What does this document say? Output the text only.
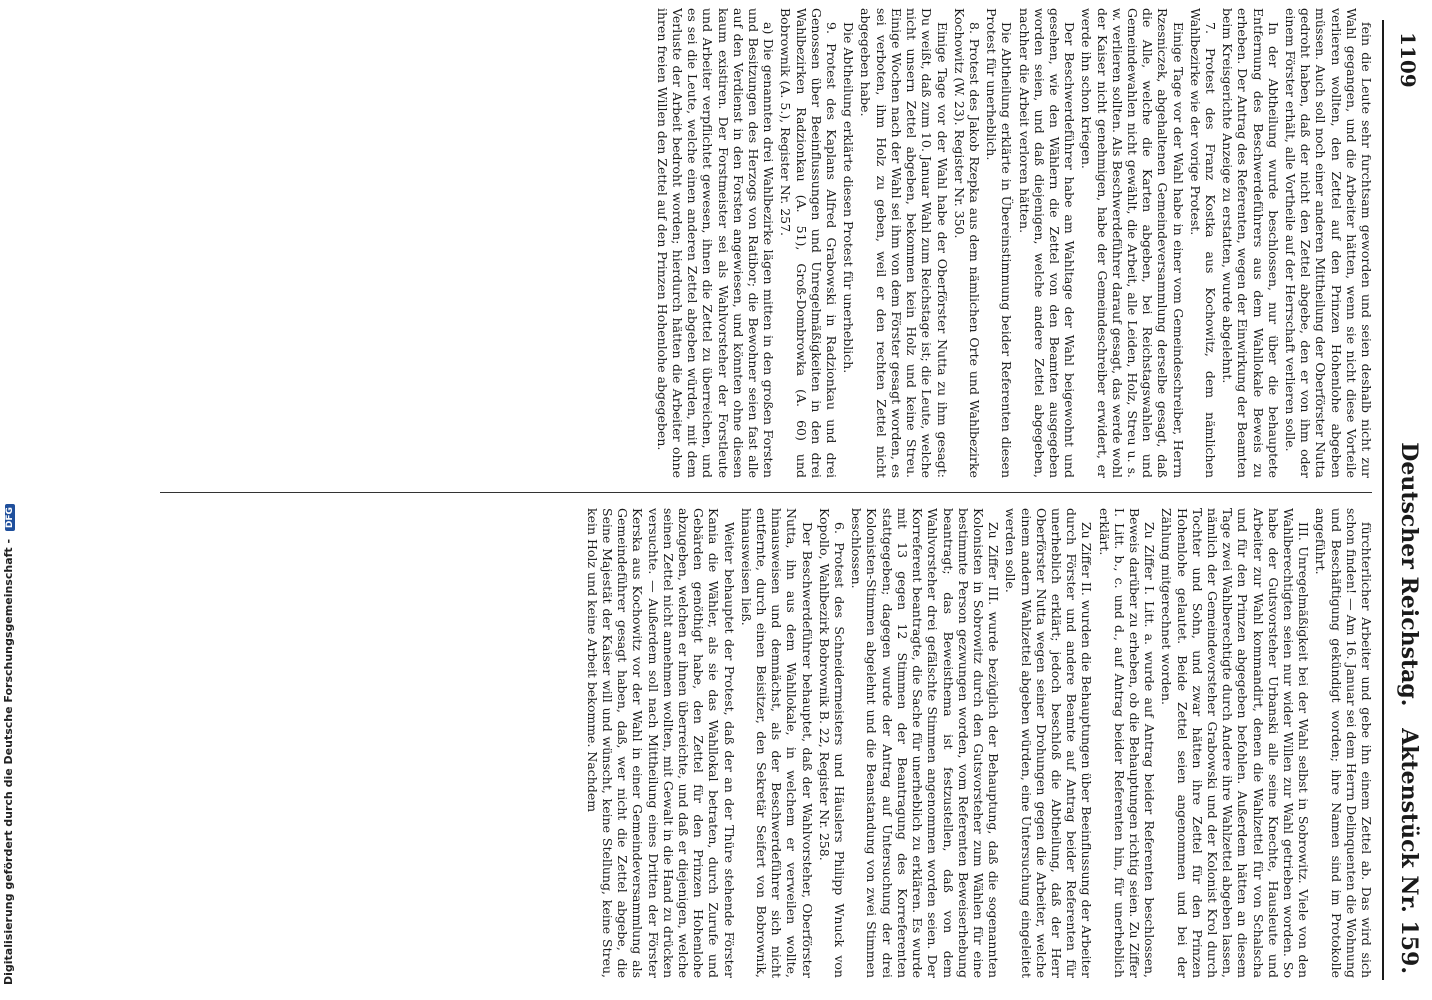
1109
Deutscher Reichstag. Aktenstück Nr. 159.

fein die Leute sehr furchtsam geworden und seien deshalb nicht zur Wahl gegangen, und die Arbeiter hätten, wenn sie nicht diese Vorteile verlieren wollten, den Zettel auf den Prinzen Hohenlohe abgeben müssen. Auch soll noch einer anderen Mittheilung der Oberförster Nutta gedroht haben, daß der nicht den Zettel abgebe, den er von ihm oder einem Förster erhält, alle Vortheile auf der Herrschaft verlieren solle.

In der Abtheilung wurde beschlossen, nur über die behauptete Entfernung des Beschwerdeführers aus dem Wahllokale Beweis zu erheben. Der Antrag des Referenten, wegen der Einwirkung der Beamten beim Kreisgerichte Anzeige zu erstatten, wurde abgelehnt.

7. Protest des Franz Kostka aus Kochowitz, dem nämlichen Wahlbezirke wie der vorige Protest.

Einige Tage vor der Wahl habe in einer vom Gemeindeschreiber, Herrn Rzesniczek, abgehaltenen Gemeindeversammlung derselbe gesagt, daß die Alle, welche die Karten abgeben, bei Reichstagswahlen und Gemeindewahlen nicht gewählt, die Arbeit, alle Leiden, Holz, Streu u. s. w. verlieren sollten. Als Beschwerdeführer darauf gesagt, das werde wohl der Kaiser nicht genehmigen, habe der Gemeindeschreiber erwidert, er werde ihn schon kriegen.

Der Beschwerdeführer habe am Wahltage der Wahl beigewohnt und gesehen, wie den Wählern die Zettel von den Beamten ausgegeben worden seien, und daß diejenigen, welche andere Zettel abgegeben, nachher die Arbeit verloren hätten.

Die Abtheilung erklärte in Übereinstimmung beider Referenten diesen Protest für unerheblich.

8. Protest des Jakob Rzepka aus dem nämlichen Orte und Wahlbezirke Kochowitz (W. 23). Register Nr. 350.

Einige Tage vor der Wahl habe der Oberförster Nutta zu ihm gesagt: Du weißt, daß zum 10. Januar Wahl zum Reichstage ist; die Leute, welche nicht unsern Zettel abgeben, bekommen kein Holz und keine Streu. Einige Wochen nach der Wahl sei ihm von dem Förster gesagt worden, es sei verboten, ihm Holz zu geben, weil er den rechten Zettel nicht abgegeben habe.

Die Abtheilung erklärte diesen Protest für unerheblich.

9. Protest des Kaplans Alfred Grabowski in Radzionkau und drei Genossen über Beeinflussungen und Unregelmäßigkeiten in den drei Wahlbezirken Radzionkau (A. 51), Groß-Dombrowka (A. 60) und Bobrownik (A. 5.), Register Nr. 257.

a) Die genannten drei Wahlbezirke lägen mitten in den großen Forsten und Besitzungen des Herzogs von Ratibor; die Bewohner seien fast alle auf den Verdienst in den Forsten angewiesen, und könnten ohne diesen kaum existiren. Der Forstmeister sei als Wahlvorsteher der Forstleute und Arbeiter verpflichtet gewesen, ihnen die Zettel zu überreichen, und es sei die Leute, welche einen anderen Zettel abgeben würden, mit dem Verluste der Arbeit bedroht worden; hierdurch hätten die Arbeiter ohne ihren freien Willen den Zettel auf den Prinzen Hohenlohe abgegeben.

fürchterlicher Arbeiter und gebe ihn einem Zettel ab. Das wird sich schon finden! — Am 16. Januar sei dem Herrn Delinquenten die Wohnung und Beschäftigung gekündigt worden; ihre Namen sind im Protokolle angeführt.

III. Unregelmäßigkeit bei der Wahl selbst in Sobrowitz. Viele von den Wahlberechtigten seien nur wider Willen zur Wahl getrieben worden. So habe der Gutsvorsteher Urbanski alle seine Knechte, Hausleute und Arbeiter zur Wahl kommandirt, denen die Wahlzettel für von Schalscha und für den Prinzen abgegeben befohlen. Außerdem hätten an diesem Tage zwei Wahlberechtigte durch Andere ihre Wahlzettel abgeben lassen, nämlich der Gemeindevorsteher Grabowski und der Kolonist Krol durch Tochter und Sohn, und zwar hätten ihre Zettel für den Prinzen Hohenlohe gelautet. Beide Zettel seien angenommen und bei der Zählung mitgerechnet worden.

Zu Ziffer I. Litt. a. wurde auf Antrag beider Referenten beschlossen, Beweis darüber zu erheben, ob die Behauptungen richtig seien. Zu Ziffer I. Litt. b., c. und d., auf Antrag beider Referenten hin, für unerheblich erklärt.

Zu Ziffer II. wurden die Behauptungen über Beeinflussung der Arbeiter durch Förster und andere Beamte auf Antrag beider Referenten für unerheblich erklärt; jedoch beschloß die Abtheilung, daß der Herr Oberförster Nutta wegen seiner Drohungen gegen die Arbeiter, welche einem andern Wahlzettel abgeben würden, eine Untersuchung eingeleitet werden solle.

Zu Ziffer III. wurde bezüglich der Behauptung, daß die sogenannten Kolonisten in Sobrowitz durch den Gutsvorsteher zum Wählen für eine bestimmte Person gezwungen worden, vom Referenten Beweiserhebung beantragt; das Beweisthema ist festzustellen, daß von dem Wahlvorsteher drei gefälschte Stimmen angenommen worden seien. Der Korreferent beantragte, die Sache für unerheblich zu erklären. Es wurde mit 13 gegen 12 Stimmen der Beantragung des Korreferenten stattgegeben; dagegen wurde der Antrag auf Untersuchung der drei Kolonisten-Stimmen abgelehnt und die Beanstandung von zwei Stimmen beschlossen.

6. Protest des Schneidermeisters und Häuslers Philipp Wnuck von Kopollo, Wahlbezirk Bobrownik B. 22, Register Nr. 258.

Der Beschwerdeführer behauptet, daß der Wahlvorsteher, Oberförster Nutta, ihn aus dem Wahllokale, in welchem er verweilen wollte, hinausweisen und demnächst, als der Beschwerdeführer sich nicht entfernte, durch einen Beisitzer, den Sekretär Seifert von Bobrownik, hinausweisen ließ.

Weiter behauptet der Protest, daß der an der Thüre stehende Förster Kania die Wähler, als sie das Wahllokal betraten, durch Zurufe und Gebärden genöthigt habe, den Zettel für den Prinzen Hohenlohe abzugeben, welchen er ihnen überreichte, und daß er diejenigen, welche seinen Zettel nicht annehmen wollten, mit Gewalt in die Hand zu drücken versuchte. — Außerdem soll nach Mittheilung eines Dritten der Förster Kerska aus Kochowitz vor der Wahl in einer Gemeindeversammlung als Gemeindeführer gesagt haben, daß, wer nicht die Zettel abgebe, die Seine Majestät der Kaiser will und wünscht, keine Stellung, keine Streu, kein Holz und keine Arbeit bekomme. Nachdem

Digitalisierung gefördert durch die Deutsche Forschungsgemeinschaft - DFG
